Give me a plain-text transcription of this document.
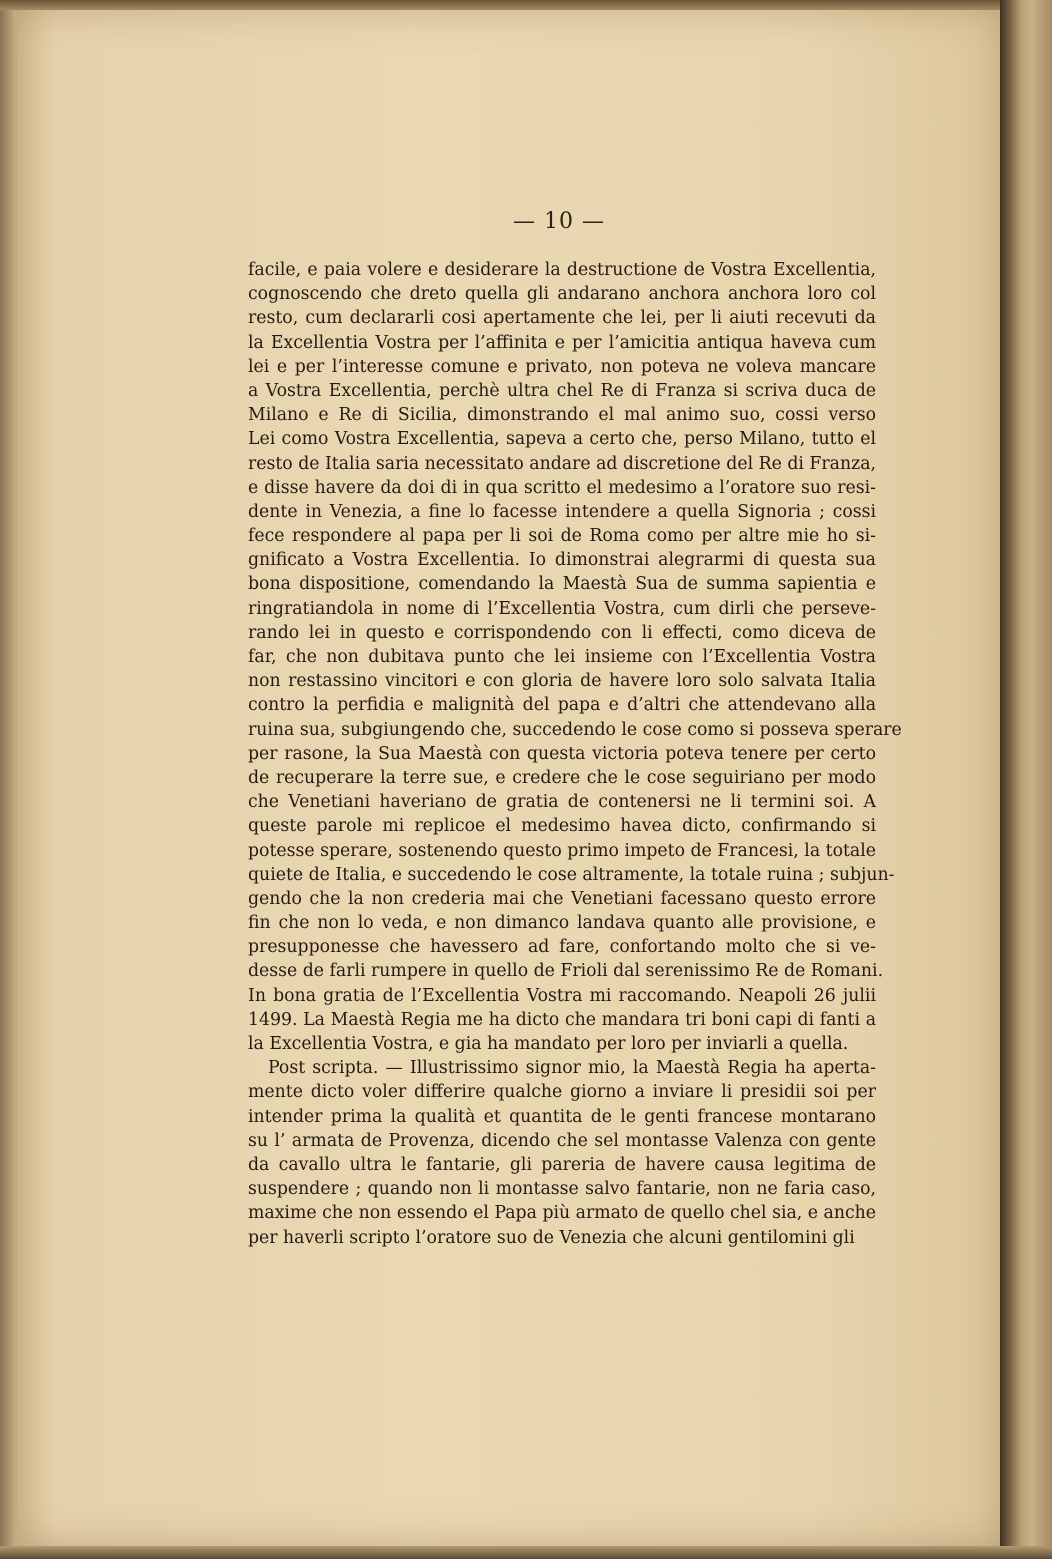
— 10 —
facile, e paia volere e desiderare la destructione de Vostra Excellentia,
cognoscendo che dreto quella gli andarano anchora anchora loro col
resto, cum declararli cosi apertamente che lei, per li aiuti recevuti da
la Excellentia Vostra per l’affinita e per l’amicitia antiqua haveva cum
lei e per l’interesse comune e privato, non poteva ne voleva mancare
a Vostra Excellentia, perchè ultra chel Re di Franza si scriva duca de
Milano e Re di Sicilia, dimonstrando el mal animo suo, cossi verso
Lei como Vostra Excellentia, sapeva a certo che, perso Milano, tutto el
resto de Italia saria necessitato andare ad discretione del Re di Franza,
e disse havere da doi di in qua scritto el medesimo a l’oratore suo resi-
dente in Venezia, a fine lo facesse intendere a quella Signoria ; cossi
fece respondere al papa per li soi de Roma como per altre mie ho si-
gnificato a Vostra Excellentia. Io dimonstrai alegrarmi di questa sua
bona dispositione, comendando la Maestà Sua de summa sapientia e
ringratiandola in nome di l’Excellentia Vostra, cum dirli che perseve-
rando lei in questo e corrispondendo con li effecti, como diceva de
far, che non dubitava punto che lei insieme con l’Excellentia Vostra
non restassino vincitori e con gloria de havere loro solo salvata Italia
contro la perfidia e malignità del papa e d’altri che attendevano alla
ruina sua, subgiungendo che, succedendo le cose como si posseva sperare
per rasone, la Sua Maestà con questa victoria poteva tenere per certo
de recuperare la terre sue, e credere che le cose seguiriano per modo
che Venetiani haveriano de gratia de contenersi ne li termini soi. A
queste parole mi replicoe el medesimo havea dicto, confirmando si
potesse sperare, sostenendo questo primo impeto de Francesi, la totale
quiete de Italia, e succedendo le cose altramente, la totale ruina ; subjun-
gendo che la non crederia mai che Venetiani facessano questo errore
fin che non lo veda, e non dimanco landava quanto alle provisione, e
presupponesse che havessero ad fare, confortando molto che si ve-
desse de farli rumpere in quello de Frioli dal serenissimo Re de Romani.
In bona gratia de l’Excellentia Vostra mi raccomando. Neapoli 26 julii
1499. La Maestà Regia me ha dicto che mandara tri boni capi di fanti a
la Excellentia Vostra, e gia ha mandato per loro per inviarli a quella.
Post scripta. — Illustrissimo signor mio, la Maestà Regia ha aperta-
mente dicto voler differire qualche giorno a inviare li presidii soi per
intender prima la qualità et quantita de le genti francese montarano
su l’ armata de Provenza, dicendo che sel montasse Valenza con gente
da cavallo ultra le fantarie, gli pareria de havere causa legitima de
suspendere ; quando non li montasse salvo fantarie, non ne faria caso,
maxime che non essendo el Papa più armato de quello chel sia, e anche
per haverli scripto l’oratore suo de Venezia che alcuni gentilomini gli
